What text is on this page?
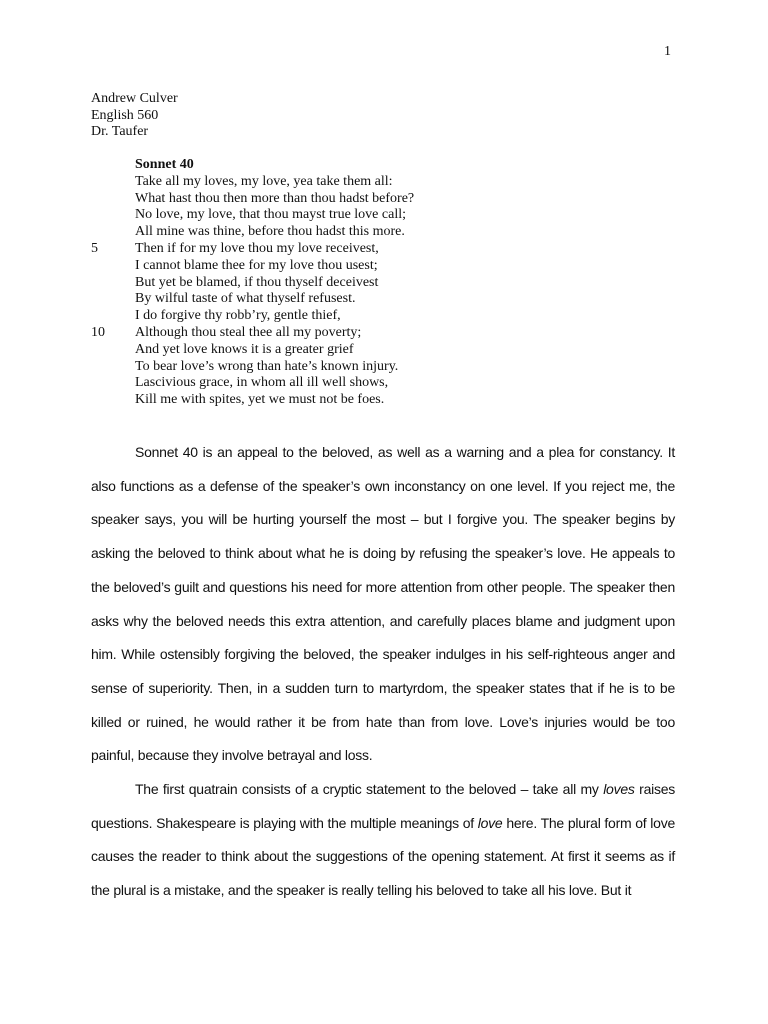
1
Andrew Culver
English 560
Dr. Taufer
Sonnet 40
Take all my loves, my love, yea take them all:
What hast thou then more than thou hadst before?
No love, my love, that thou mayst true love call;
All mine was thine, before thou hadst this more.
5	Then if for my love thou my love receivest,
I cannot blame thee for my love thou usest;
But yet be blamed, if thou thyself deceivest
By wilful taste of what thyself refusest.
I do forgive thy robb’ry, gentle thief,
10 Although thou steal thee all my poverty;
And yet love knows it is a greater grief
To bear love’s wrong than hate’s known injury.
Lascivious grace, in whom all ill well shows,
Kill me with spites, yet we must not be foes.

Sonnet 40 is an appeal to the beloved, as well as a warning and a plea for constancy. It also functions as a defense of the speaker’s own inconstancy on one level. If you reject me, the speaker says, you will be hurting yourself the most – but I forgive you. The speaker begins by asking the beloved to think about what he is doing by refusing the speaker’s love. He appeals to the beloved’s guilt and questions his need for more attention from other people. The speaker then asks why the beloved needs this extra attention, and carefully places blame and judgment upon him. While ostensibly forgiving the beloved, the speaker indulges in his self-righteous anger and sense of superiority. Then, in a sudden turn to martyrdom, the speaker states that if he is to be killed or ruined, he would rather it be from hate than from love. Love’s injuries would be too painful, because they involve betrayal and loss.

The first quatrain consists of a cryptic statement to the beloved – take all my loves raises questions. Shakespeare is playing with the multiple meanings of love here. The plural form of love causes the reader to think about the suggestions of the opening statement. At first it seems as if the plural is a mistake, and the speaker is really telling his beloved to take all his love. But it
